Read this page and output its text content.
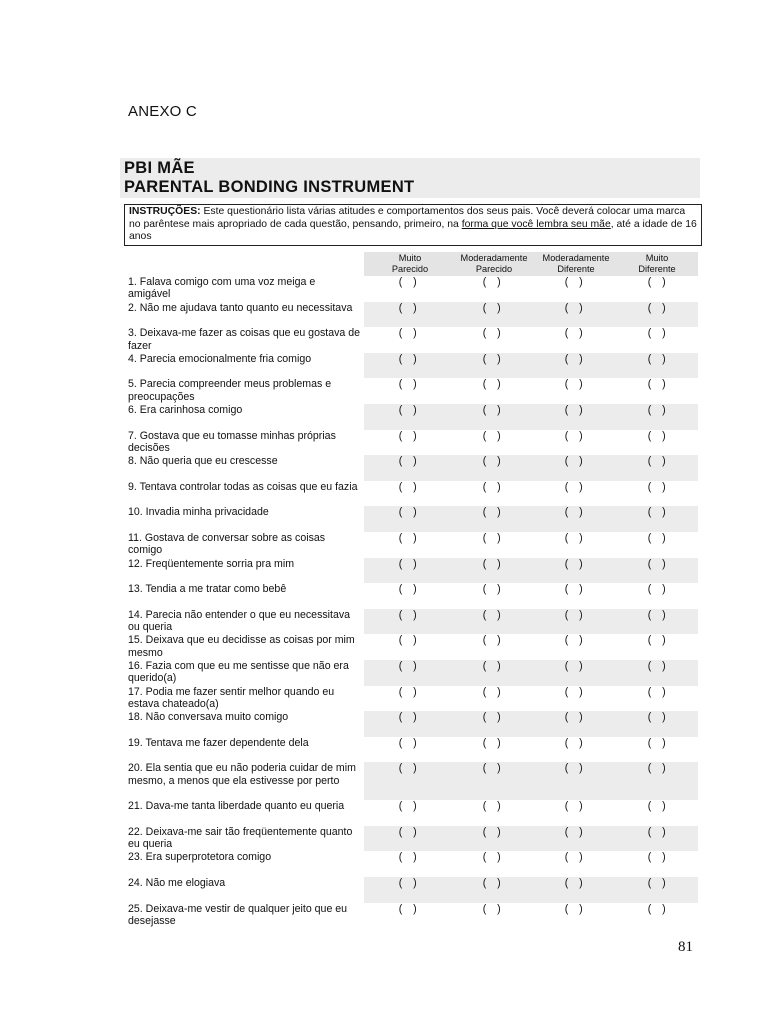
ANEXO C
PBI MÃE
PARENTAL BONDING INSTRUMENT
INSTRUÇÕES: Este questionário lista várias atitudes e comportamentos dos seus pais. Você deverá colocar uma marca no parêntese mais apropriado de cada questão, pensando, primeiro, na forma que você lembra seu mãe, até a idade de 16 anos
Muito
Parecido
Moderadamente
Parecido
Moderadamente
Diferente
Muito
Diferente
1. Falava comigo com uma voz meiga e amigável
(   )	(   )	(   )	(   )
2. Não me ajudava tanto quanto eu necessitava	(   )	(   )	(   )	(   )
3. Deixava-me fazer as coisas que eu gostava de fazer
(   )	(   )	(   )	(   )
4. Parecia emocionalmente fria comigo	(   )	(   )	(   )	(   )
5. Parecia compreender meus problemas e preocupações
(   )	(   )	(   )	(   )
6. Era carinhosa comigo	(   )	(   )	(   )	(   )
7. Gostava que eu tomasse minhas próprias decisões
(   )	(   )	(   )	(   )
8. Não queria que eu crescesse	(   )	(   )	(   )	(   )
9. Tentava controlar todas as coisas que eu fazia	(   )	(   )	(   )	(   )
10. Invadia minha privacidade	(   )	(   )	(   )	(   )
11. Gostava de conversar sobre as coisas comigo
(   )	(   )	(   )	(   )
12. Freqüentemente sorria pra mim	(   )	(   )	(   )	(   )
13. Tendia a me tratar como bebê	(   )	(   )	(   )	(   )
14. Parecia não entender o que eu necessitava ou queria
(   )	(   )	(   )	(   )
15. Deixava que eu decidisse as coisas por mim mesmo
(   )	(   )	(   )	(   )
16. Fazia com que eu me sentisse que não era querido(a)
(   )	(   )	(   )	(   )
17. Podia me fazer sentir melhor quando eu estava chateado(a)
(   )	(   )	(   )	(   )
18. Não conversava muito comigo	(   )	(   )	(   )	(   )
19. Tentava me fazer dependente dela	(   )	(   )	(   )	(   )
20. Ela sentia que eu não poderia cuidar de mim mesmo, a menos que ela estivesse por perto
(   )	(   )	(   )	(   )
21. Dava-me tanta liberdade quanto eu queria	(   )	(   )	(   )	(   )
22. Deixava-me sair tão freqüentemente quanto eu queria
(   )	(   )	(   )	(   )
23. Era superprotetora comigo	(   )	(   )	(   )	(   )
24. Não me elogiava	(   )	(   )	(   )	(   )
25. Deixava-me vestir de qualquer jeito que eu desejasse
(   )	(   )	(   )	(   )
81
